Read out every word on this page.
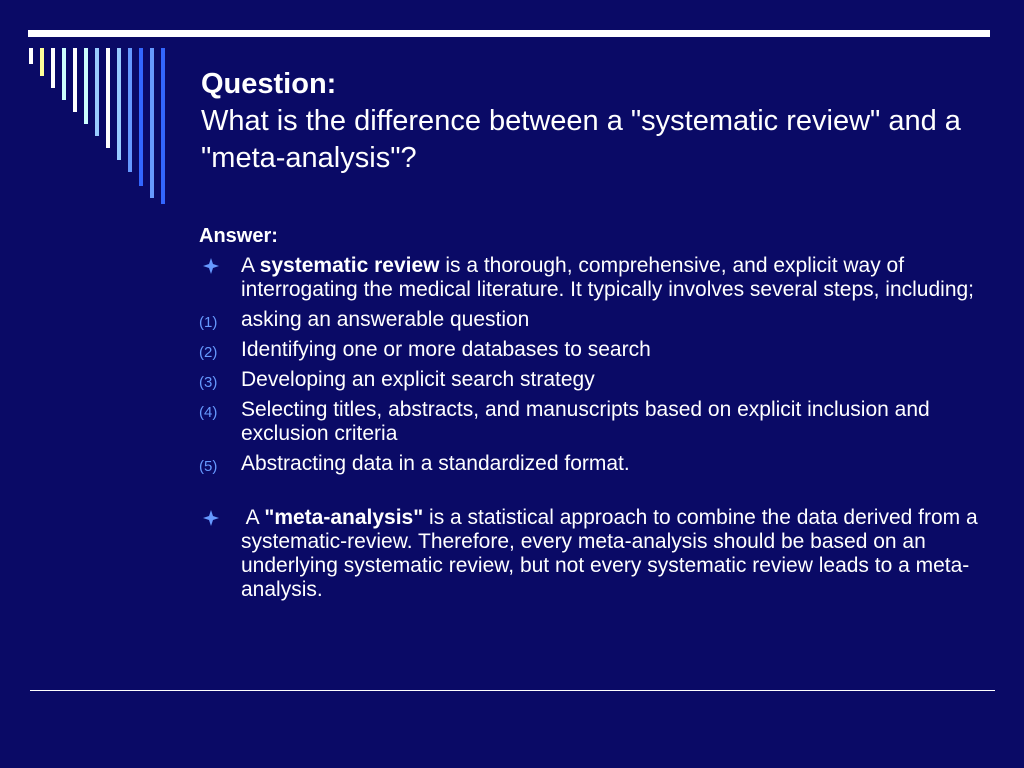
Question:
What is the difference between a "systematic review" and a "meta-analysis"?
Answer:
A systematic review is a thorough, comprehensive, and explicit way of interrogating the medical literature. It typically involves several steps, including;
(1) asking an answerable question
(2) Identifying one or more databases to search
(3) Developing an explicit search strategy
(4) Selecting titles, abstracts, and manuscripts based on explicit inclusion and exclusion criteria
(5) Abstracting data in a standardized format.
A "meta-analysis" is a statistical approach to combine the data derived from a systematic-review. Therefore, every meta-analysis should be based on an underlying systematic review, but not every systematic review leads to a meta-analysis.
